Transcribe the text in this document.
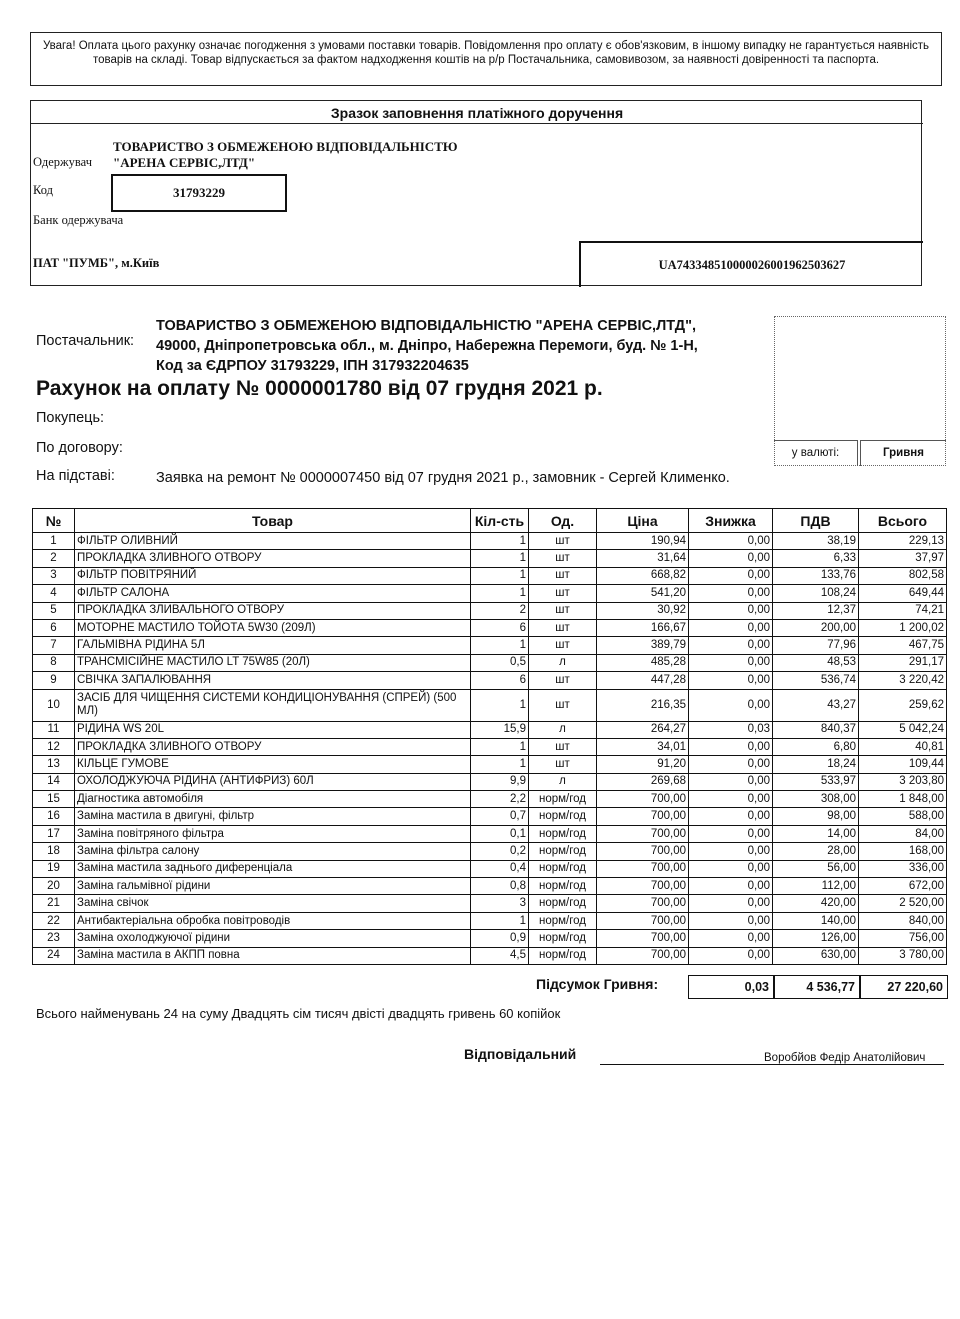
Увага! Оплата цього рахунку означає погодження з умовами поставки товарів. Повідомлення про оплату є обов'язковим, в іншому випадку не гарантується наявність товарів на складі. Товар відпускається за фактом надходження коштів на р/р Постачальника, самовивозом, за наявності довіренності та паспорта.
Зразок заповнення платіжного доручення
ТОВАРИСТВО З ОБМЕЖЕНОЮ ВІДПОВІДАЛЬНІСТЮ
Одержувач "АРЕНА СЕРВІС,ЛТД"
Код	31793229
Банк одержувача
ПАТ "ПУМБ", м.Київ	UA743348510000026001962503627
Постачальник:
ТОВАРИСТВО З ОБМЕЖЕНОЮ ВІДПОВІДАЛЬНІСТЮ "АРЕНА СЕРВІС,ЛТД", 49000, Дніпропетровська обл., м. Дніпро, Набережна Перемоги, буд. № 1-Н, Код за ЄДРПОУ 31793229, ІПН 317932204635
у валюті:	Гривня
Рахунок на оплату № 0000001780 від 07 грудня 2021 р.
Покупець:
По договору:
На підставі:	Заявка на ремонт № 0000007450 від 07 грудня 2021 р., замовник - Сергей Клименко.
№	Товар	Кіл-сть	Од.	Ціна	Знижка	ПДВ	Всього
1	ФІЛЬТР ОЛИВНИЙ	1	шт	190,94	0,00	38,19	229,13
2	ПРОКЛАДКА ЗЛИВНОГО ОТВОРУ	1	шт	31,64	0,00	6,33	37,97
3	ФІЛЬТР ПОВІТРЯНИЙ	1	шт	668,82	0,00	133,76	802,58
4	ФІЛЬТР САЛОНА	1	шт	541,20	0,00	108,24	649,44
5	ПРОКЛАДКА ЗЛИВАЛЬНОГО ОТВОРУ	2	шт	30,92	0,00	12,37	74,21
6	МОТОРНЕ МАСТИЛО ТОЙОТА 5W30 (209Л)	6	шт	166,67	0,00	200,00	1 200,02
7	ГАЛЬМІВНА РІДИНА 5Л	1	шт	389,79	0,00	77,96	467,75
8	ТРАНСМІСІЙНЕ МАСТИЛО LT 75W85 (20Л)	0,5	л	485,28	0,00	48,53	291,17
9	СВІЧКА ЗАПАЛЮВАННЯ	6	шт	447,28	0,00	536,74	3 220,42
10	ЗАСІБ ДЛЯ ЧИЩЕННЯ СИСТЕМИ КОНДИЦІОНУВАННЯ (СПРЕЙ) (500 МЛ)	1	шт	216,35	0,00	43,27	259,62
11	РІДИНА WS 20L	15,9	л	264,27	0,03	840,37	5 042,24
12	ПРОКЛАДКА ЗЛИВНОГО ОТВОРУ	1	шт	34,01	0,00	6,80	40,81
13	КІЛЬЦЕ ГУМОВЕ	1	шт	91,20	0,00	18,24	109,44
14	ОХОЛОДЖУЮЧА РІДИНА (АНТИФРИЗ) 60Л	9,9	л	269,68	0,00	533,97	3 203,80
15	Діагностика автомобіля	2,2	норм/год	700,00	0,00	308,00	1 848,00
16	Заміна мастила в двигуні, фільтр	0,7	норм/год	700,00	0,00	98,00	588,00
17	Заміна повітряного фільтра	0,1	норм/год	700,00	0,00	14,00	84,00
18	Заміна фільтра салону	0,2	норм/год	700,00	0,00	28,00	168,00
19	Заміна мастила заднього диференціала	0,4	норм/год	700,00	0,00	56,00	336,00
20	Заміна гальмівної рідини	0,8	норм/год	700,00	0,00	112,00	672,00
21	Заміна свічок	3	норм/год	700,00	0,00	420,00	2 520,00
22	Антибактеріальна обробка повітроводів	1	норм/год	700,00	0,00	140,00	840,00
23	Заміна охолоджуючої рідини	0,9	норм/год	700,00	0,00	126,00	756,00
24	Заміна мастила в АКПП повна	4,5	норм/год	700,00	0,00	630,00	3 780,00
Підсумок Гривня:	0,03	4 536,77	27 220,60
Всього найменувань 24 на суму Двадцять сім тисяч двісті двадцять гривень 60 копійок
Відповідальний	Воробйов Федір Анатолійович
